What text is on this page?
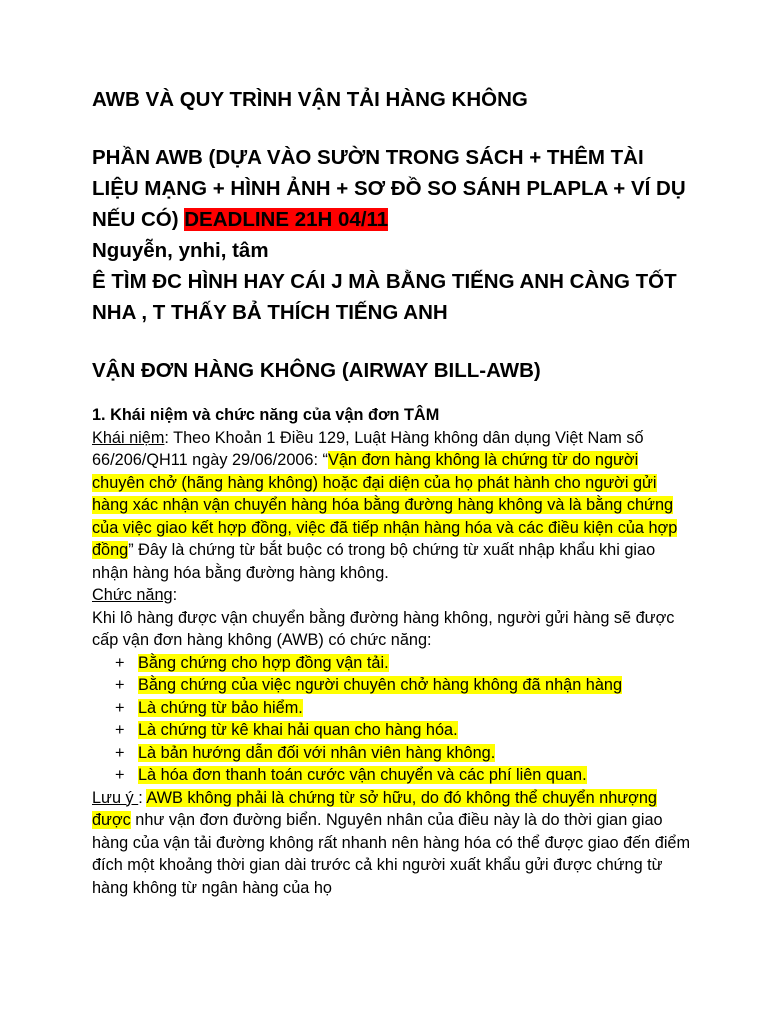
AWB VÀ QUY TRÌNH VẬN TẢI HÀNG KHÔNG
PHẦN AWB (DỰA VÀO SƯỜN TRONG SÁCH + THÊM TÀI LIỆU MẠNG + HÌNH ẢNH + SƠ ĐỒ SO SÁNH PLAPLA + VÍ DỤ NẾU CÓ) DEADLINE 21H 04/11
Nguyễn, ynhi, tâm
Ê TÌM ĐC HÌNH HAY CÁI J MÀ BẰNG TIẾNG ANH CÀNG TỐT NHA , T THẤY BẢ THÍCH TIẾNG ANH
VẬN ĐƠN HÀNG KHÔNG (AIRWAY BILL-AWB)

1. Khái niệm và chức năng của vận đơn TÂM

Khái niệm: Theo Khoản 1 Điều 129, Luật Hàng không dân dụng Việt Nam số 66/206/QH11 ngày 29/06/2006: “Vận đơn hàng không là chứng từ do người chuyên chở (hãng hàng không) hoặc đại diện của họ phát hành cho người gửi hàng xác nhận vận chuyển hàng hóa bằng đường hàng không và là bằng chứng của việc giao kết hợp đồng, việc đã tiếp nhận hàng hóa và các điều kiện của hợp đồng” Đây là chứng từ bắt buộc có trong bộ chứng từ xuất nhập khẩu khi giao nhận hàng hóa bằng đường hàng không.

Chức năng:

Khi lô hàng được vận chuyển bằng đường hàng không, người gửi hàng sẽ được cấp vận đơn hàng không (AWB) có chức năng:

+ Bằng chứng cho hợp đồng vận tải.
+ Bằng chứng của việc người chuyên chở hàng không đã nhận hàng
+ Là chứng từ bảo hiểm.
+ Là chứng từ kê khai hải quan cho hàng hóa.
+ Là bản hướng dẫn đối với nhân viên hàng không.
+ Là hóa đơn thanh toán cước vận chuyển và các phí liên quan.

Lưu ý : AWB không phải là chứng từ sở hữu, do đó không thể chuyển nhượng được như vận đơn đường biển. Nguyên nhân của điều này là do thời gian giao hàng của vận tải đường không rất nhanh nên hàng hóa có thể được giao đến điểm đích một khoảng thời gian dài trước cả khi người xuất khẩu gửi được chứng từ hàng không từ ngân hàng của họ
